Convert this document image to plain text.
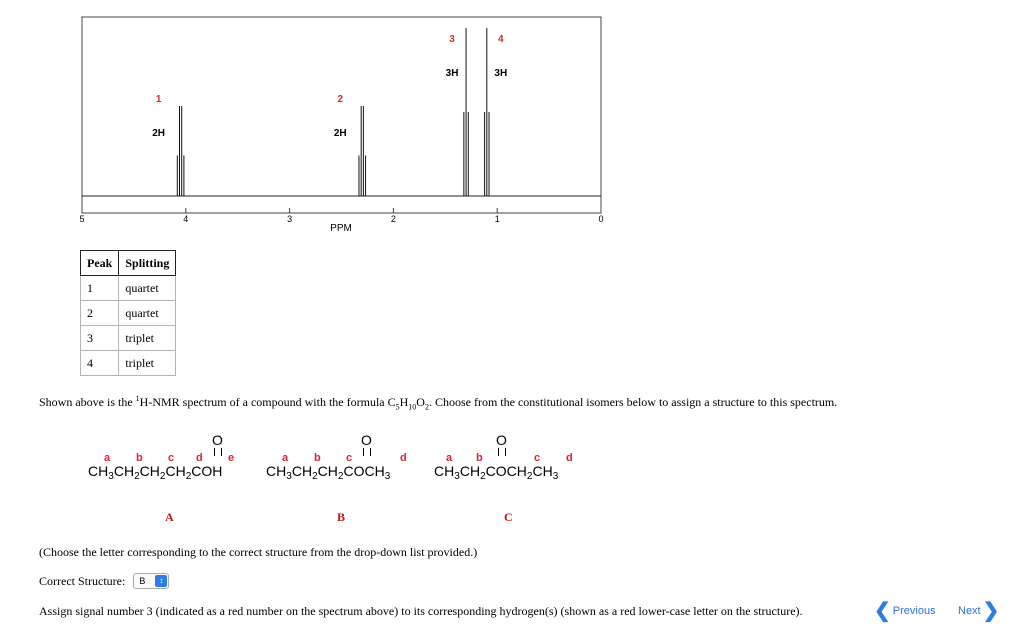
5	4	3	2	1	0
1
2H
2
2H
3
3H
4
3H
PPM
Peak	Splitting
1	quartet
2	quartet
3	triplet
4	triplet
Shown above is the $^1$H-NMR spectrum of a compound with the formula $C_5H_{10}O_2$. Choose from the constitutional isomers below to assign a structure to this spectrum.
O
a b c d e
$CH_3CH_2CH_2CH_2COH$
A
O
a b c	d
$CH_3CH_2CH_2COCH_3$
B
O
a b	c d
$CH_3CH_2COCH_2CH_3$
C
(Choose the letter corresponding to the correct structure from the drop-down list provided.)
Correct Structure: B	↕
Assign signal number 3 (indicated as a red number on the spectrum above) to its corresponding hydrogen(s) (shown as a red lower-case letter on the structure).	❮ Previous Next ❯
